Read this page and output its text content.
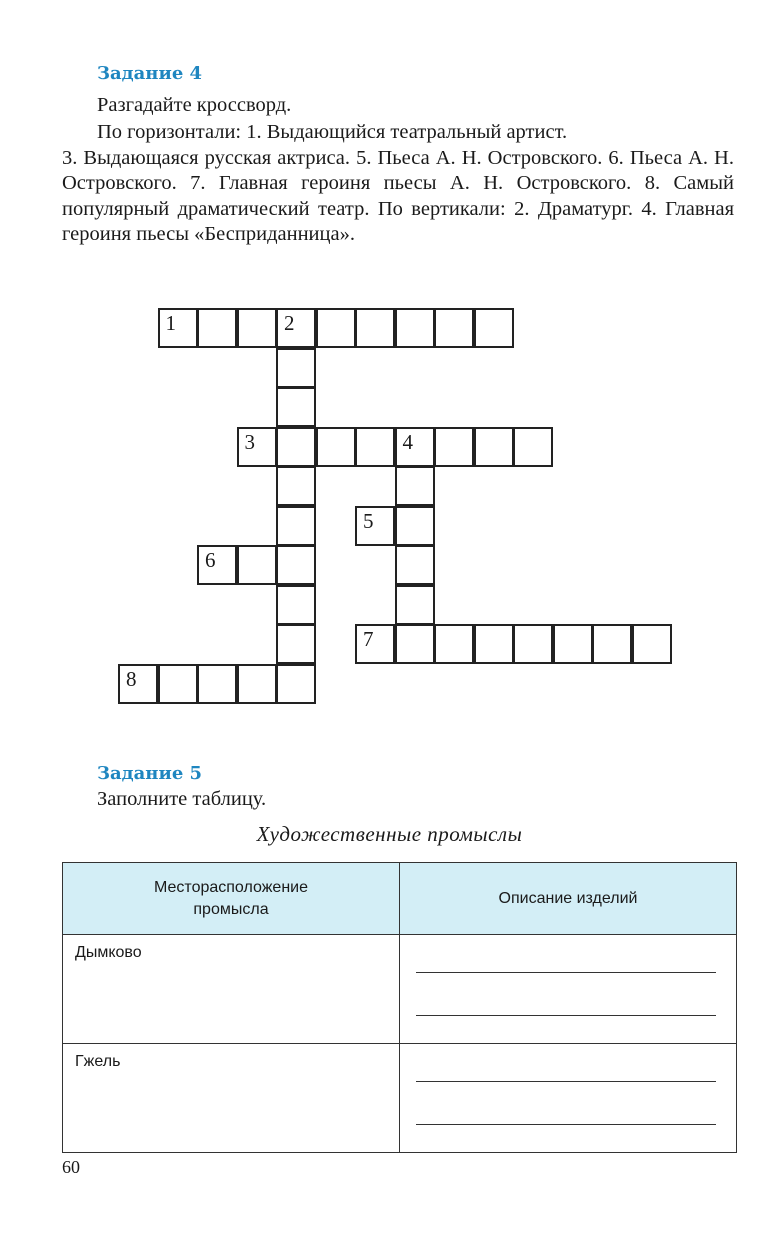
Задание 4
Разгадайте кроссворд.

По горизонтали: 1. Выдающийся театральный артист.
3. Выдающаяся русская актриса. 5. Пьеса А. Н. Островского. 6. Пьеса А. Н. Островского. 7. Главная героиня пьесы А. Н. Островского. 8. Самый популярный драматический театр. По вертикали: 2. Драматург. 4. Главная героиня пьесы «Бесприданница».

1	2
3	4
5
6
7
8
Задание 5
Заполните таблицу.
Художественные промыслы
Месторасположение промысла	Описание изделий
Дымково	

Гжель	
60
